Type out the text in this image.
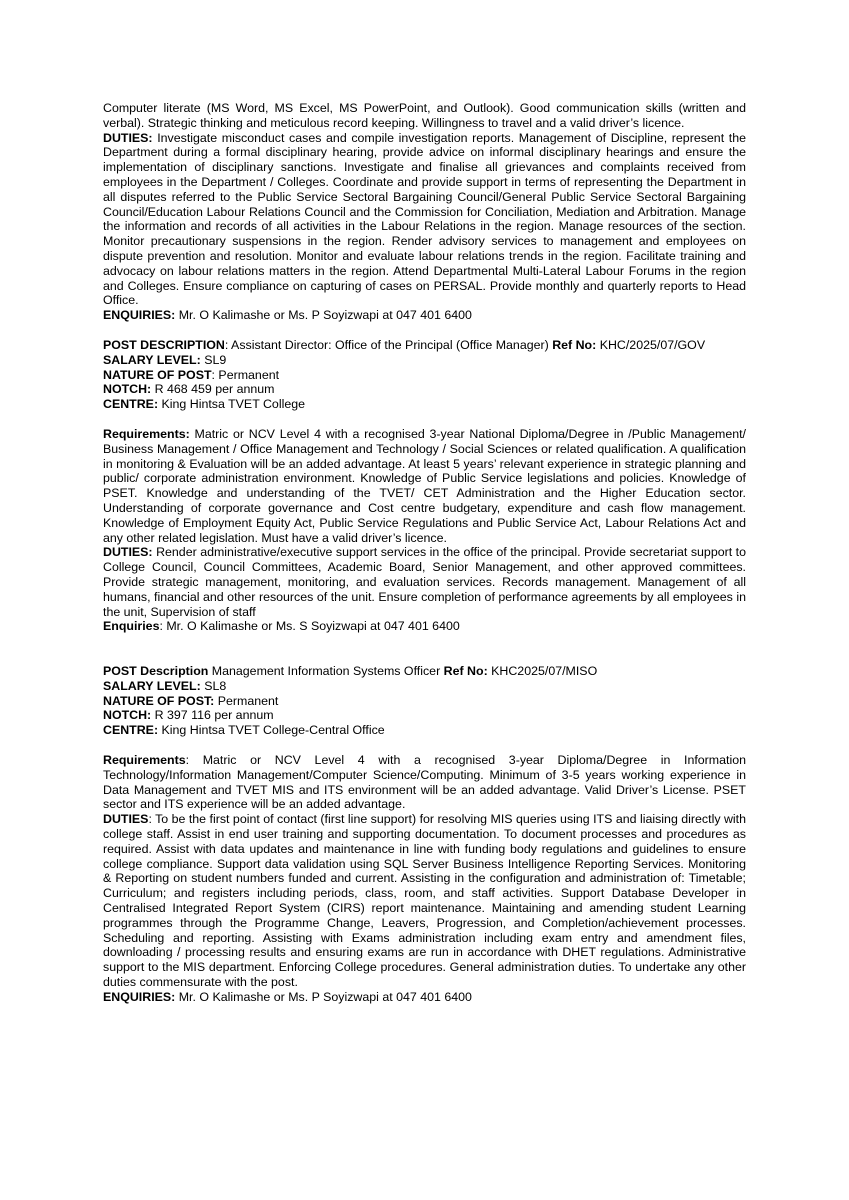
Computer literate (MS Word, MS Excel, MS PowerPoint, and Outlook). Good communication skills (written and verbal). Strategic thinking and meticulous record keeping. Willingness to travel and a valid driver’s licence.

DUTIES: Investigate misconduct cases and compile investigation reports. Management of Discipline, represent the Department during a formal disciplinary hearing, provide advice on informal disciplinary hearings and ensure the implementation of disciplinary sanctions. Investigate and finalise all grievances and complaints received from employees in the Department / Colleges. Coordinate and provide support in terms of representing the Department in all disputes referred to the Public Service Sectoral Bargaining Council/General Public Service Sectoral Bargaining Council/Education Labour Relations Council and the Commission for Conciliation, Mediation and Arbitration. Manage the information and records of all activities in the Labour Relations in the region. Manage resources of the section. Monitor precautionary suspensions in the region. Render advisory services to management and employees on dispute prevention and resolution. Monitor and evaluate labour relations trends in the region. Facilitate training and advocacy on labour relations matters in the region. Attend Departmental Multi-Lateral Labour Forums in the region and Colleges. Ensure compliance on capturing of cases on PERSAL. Provide monthly and quarterly reports to Head Office.

ENQUIRIES: Mr. O Kalimashe or Ms. P Soyizwapi at 047 401 6400

POST DESCRIPTION: Assistant Director: Office of the Principal (Office Manager) Ref No: KHC/2025/07/GOV

SALARY LEVEL: SL9

NATURE OF POST: Permanent

NOTCH: R 468 459 per annum

CENTRE: King Hintsa TVET College

Requirements: Matric or NCV Level 4 with a recognised 3-year National Diploma/Degree in /Public Management/ Business Management / Office Management and Technology / Social Sciences or related qualification. A qualification in monitoring & Evaluation will be an added advantage. At least 5 years’ relevant experience in strategic planning and public/ corporate administration environment. Knowledge of Public Service legislations and policies. Knowledge of PSET. Knowledge and understanding of the TVET/ CET Administration and the Higher Education sector. Understanding of corporate governance and Cost centre budgetary, expenditure and cash flow management. Knowledge of Employment Equity Act, Public Service Regulations and Public Service Act, Labour Relations Act and any other related legislation. Must have a valid driver’s licence.

DUTIES: Render administrative/executive support services in the office of the principal. Provide secretariat support to College Council, Council Committees, Academic Board, Senior Management, and other approved committees. Provide strategic management, monitoring, and evaluation services. Records management. Management of all humans, financial and other resources of the unit. Ensure completion of performance agreements by all employees in the unit, Supervision of staff

Enquiries: Mr. O Kalimashe or Ms. S Soyizwapi at 047 401 6400

POST Description Management Information Systems Officer Ref No: KHC2025/07/MISO

SALARY LEVEL: SL8

NATURE OF POST: Permanent

NOTCH: R 397 116 per annum

CENTRE: King Hintsa TVET College-Central Office

Requirements: Matric or NCV Level 4 with a recognised 3-year Diploma/Degree in Information Technology/Information Management/Computer Science/Computing. Minimum of 3-5 years working experience in Data Management and TVET MIS and ITS environment will be an added advantage. Valid Driver’s License. PSET sector and ITS experience will be an added advantage.

DUTIES: To be the first point of contact (first line support) for resolving MIS queries using ITS and liaising directly with college staff. Assist in end user training and supporting documentation. To document processes and procedures as required. Assist with data updates and maintenance in line with funding body regulations and guidelines to ensure college compliance. Support data validation using SQL Server Business Intelligence Reporting Services. Monitoring & Reporting on student numbers funded and current. Assisting in the configuration and administration of: Timetable; Curriculum; and registers including periods, class, room, and staff activities. Support Database Developer in Centralised Integrated Report System (CIRS) report maintenance. Maintaining and amending student Learning programmes through the Programme Change, Leavers, Progression, and Completion/achievement processes. Scheduling and reporting. Assisting with Exams administration including exam entry and amendment files, downloading / processing results and ensuring exams are run in accordance with DHET regulations. Administrative support to the MIS department. Enforcing College procedures. General administration duties. To undertake any other duties commensurate with the post.

ENQUIRIES: Mr. O Kalimashe or Ms. P Soyizwapi at 047 401 6400
